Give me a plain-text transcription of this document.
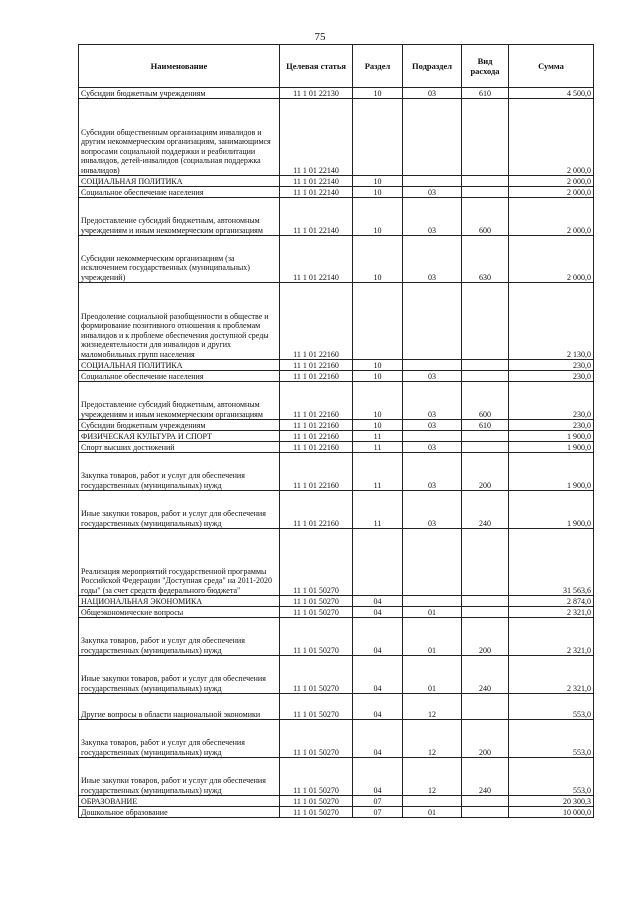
75
Наименование	Целевая статья	Раздел	Подраздел	Вид расхода	Сумма
Субсидии бюджетным учреждениям	11 1 01 22130	10	03	610	4 500,0
Субсидии общественным организациям инвалидов и другим некоммерческим организациям, занимающимся вопросами социальной поддержки и реабилитации инвалидов, детей-инвалидов (социальная поддержка инвалидов)	11 1 01 22140				2 000,0
СОЦИАЛЬНАЯ ПОЛИТИКА	11 1 01 22140	10			2 000,0
Социальное обеспечение населения	11 1 01 22140	10	03		2 000,0
Предоставление субсидий бюджетным, автономным учреждениям и иным некоммерческим организациям	11 1 01 22140	10	03	600	2 000,0
Субсидии некоммерческим организациям (за исключением государственных (муниципальных) учреждений)	11 1 01 22140	10	03	630	2 000,0
Преодоление социальной разобщенности в обществе и формирование позитивного отношения к проблемам инвалидов и к проблеме обеспечения доступной среды жизнедеятельности для инвалидов и других маломобильных групп населения	11 1 01 22160				2 130,0
СОЦИАЛЬНАЯ ПОЛИТИКА	11 1 01 22160	10			230,0
Социальное обеспечение населения	11 1 01 22160	10	03		230,0
Предоставление субсидий бюджетным, автономным учреждениям и иным некоммерческим организациям	11 1 01 22160	10	03	600	230,0
Субсидии бюджетным учреждениям	11 1 01 22160	10	03	610	230,0
ФИЗИЧЕСКАЯ КУЛЬТУРА И СПОРТ	11 1 01 22160	11			1 900,0
Спорт высших достижений	11 1 01 22160	11	03		1 900,0
Закупка товаров, работ и услуг для обеспечения государственных (муниципальных) нужд	11 1 01 22160	11	03	200	1 900,0
Иные закупки товаров, работ и услуг для обеспечения государственных (муниципальных) нужд	11 1 01 22160	11	03	240	1 900,0
Реализация мероприятий государственной программы Российской Федерации "Доступная среда" на 2011-2020 годы" (за счет средств федерального бюджета"	11 1 01 50270				31 563,6
НАЦИОНАЛЬНАЯ ЭКОНОМИКА	11 1 01 50270	04			2 874,0
Общеэкономические вопросы	11 1 01 50270	04	01		2 321,0
Закупка товаров, работ и услуг для обеспечения государственных (муниципальных) нужд	11 1 01 50270	04	01	200	2 321,0
Иные закупки товаров, работ и услуг для обеспечения государственных (муниципальных) нужд	11 1 01 50270	04	01	240	2 321,0
Другие вопросы в области национальной экономики	11 1 01 50270	04	12		553,0
Закупка товаров, работ и услуг для обеспечения государственных (муниципальных) нужд	11 1 01 50270	04	12	200	553,0
Иные закупки товаров, работ и услуг для обеспечения государственных (муниципальных) нужд	11 1 01 50270	04	12	240	553,0
ОБРАЗОВАНИЕ	11 1 01 50270	07			20 300,3
Дошкольное образование	11 1 01 50270	07	01		10 000,0
